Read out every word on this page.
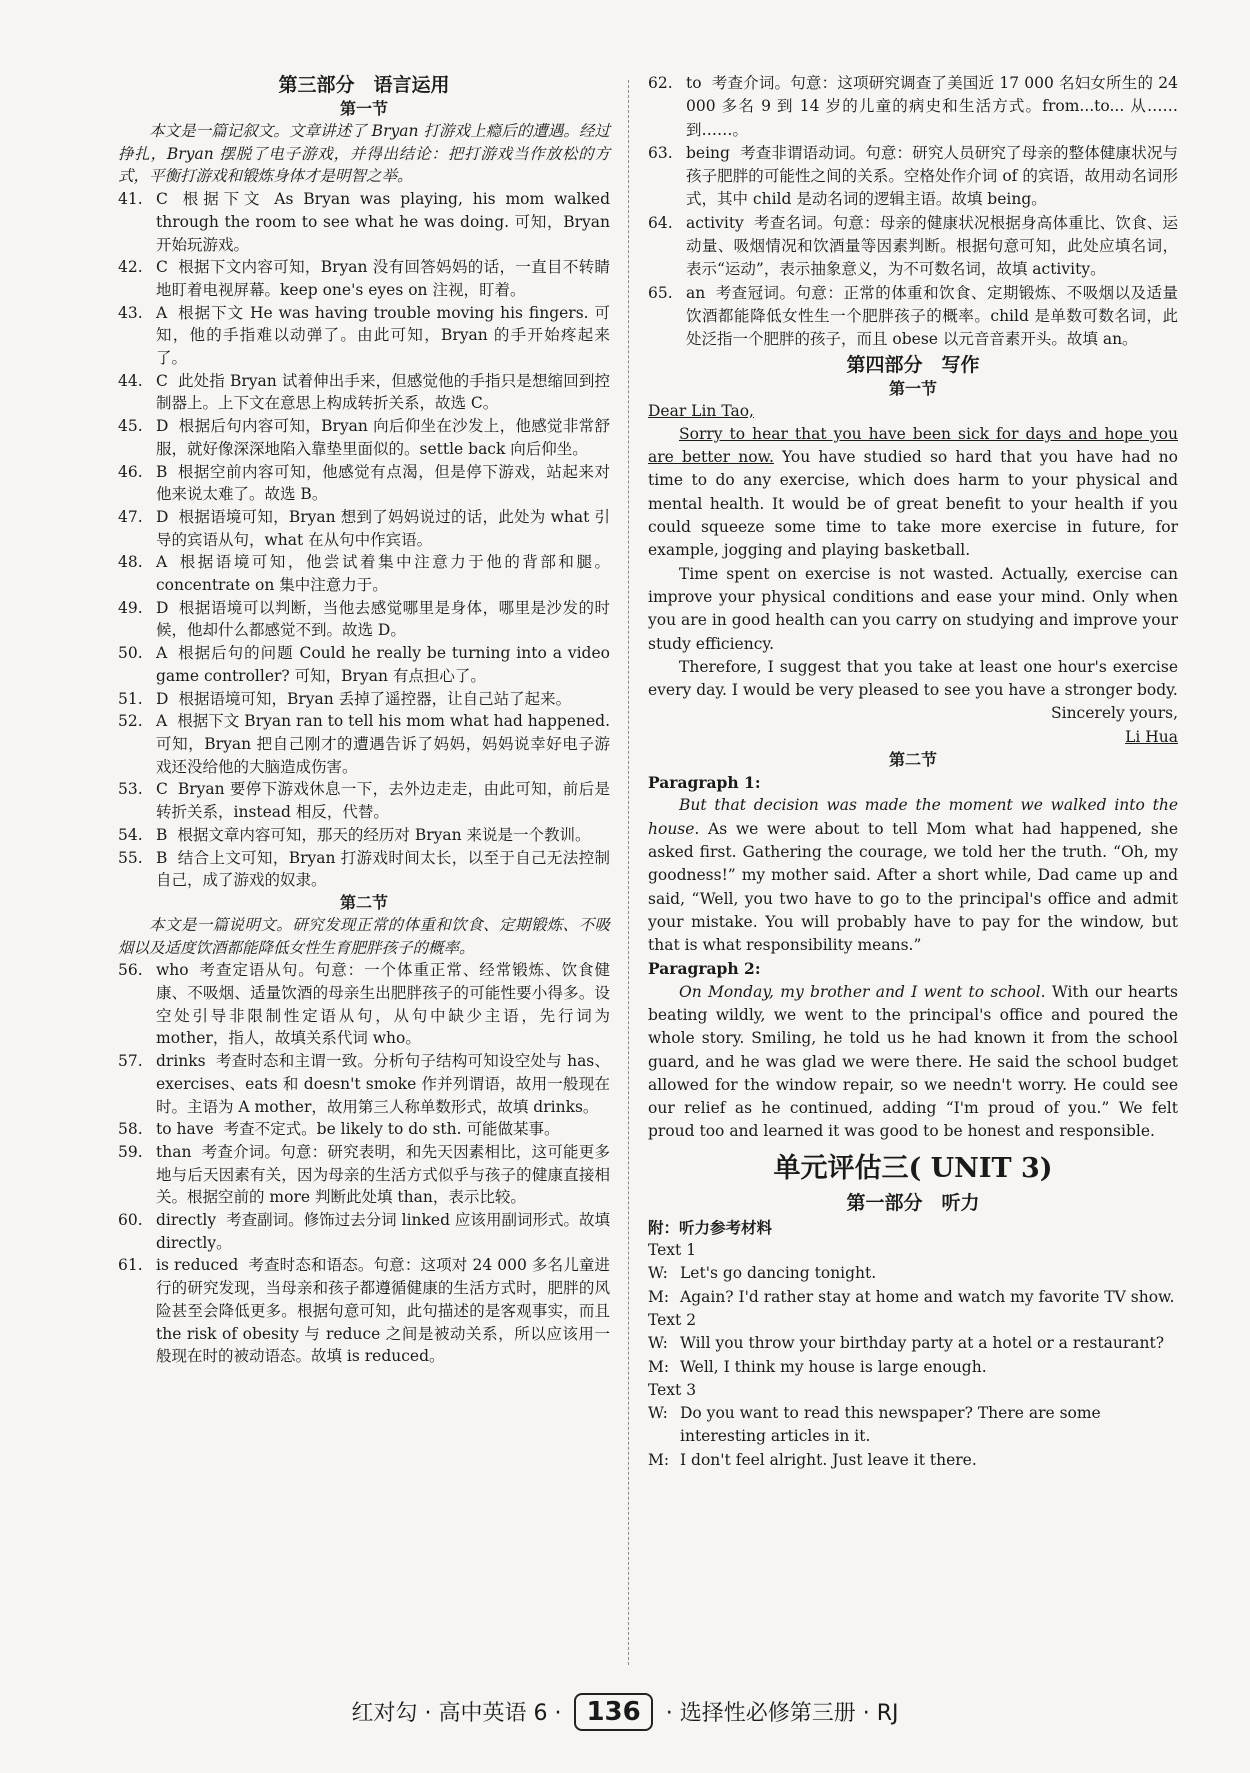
第三部分　语言运用
第一节
本文是一篇记叙文。文章讲述了 Bryan 打游戏上瘾后的遭遇。经过挣扎，Bryan 摆脱了电子游戏，并得出结论：把打游戏当作放松的方式，平衡打游戏和锻炼身体才是明智之举。
41. C 根据下文 As Bryan was playing, his mom walked through the room to see what he was doing. 可知，Bryan 开始玩游戏。
42. C 根据下文内容可知，Bryan 没有回答妈妈的话，一直目不转睛地盯着电视屏幕。keep one's eyes on 注视，盯着。
43. A 根据下文 He was having trouble moving his fingers. 可知，他的手指难以动弹了。由此可知，Bryan 的手开始疼起来了。
44. C 此处指 Bryan 试着伸出手来，但感觉他的手指只是想缩回到控制器上。上下文在意思上构成转折关系，故选 C。
45. D 根据后句内容可知，Bryan 向后仰坐在沙发上，他感觉非常舒服，就好像深深地陷入靠垫里面似的。settle back 向后仰坐。
46. B 根据空前内容可知，他感觉有点渴，但是停下游戏，站起来对他来说太难了。故选 B。
47. D 根据语境可知，Bryan 想到了妈妈说过的话，此处为 what 引导的宾语从句，what 在从句中作宾语。
48. A 根据语境可知，他尝试着集中注意力于他的背部和腿。concentrate on 集中注意力于。
49. D 根据语境可以判断，当他去感觉哪里是身体，哪里是沙发的时候，他却什么都感觉不到。故选 D。
50. A 根据后句的问题 Could he really be turning into a video game controller? 可知，Bryan 有点担心了。
51. D 根据语境可知，Bryan 丢掉了遥控器，让自己站了起来。
52. A 根据下文 Bryan ran to tell his mom what had happened. 可知，Bryan 把自己刚才的遭遇告诉了妈妈，妈妈说幸好电子游戏还没给他的大脑造成伤害。
53. C Bryan 要停下游戏休息一下，去外边走走，由此可知，前后是转折关系，instead 相反，代替。
54. B 根据文章内容可知，那天的经历对 Bryan 来说是一个教训。
55. B 结合上文可知，Bryan 打游戏时间太长，以至于自己无法控制自己，成了游戏的奴隶。
第二节
本文是一篇说明文。研究发现正常的体重和饮食、定期锻炼、不吸烟以及适度饮酒都能降低女性生育肥胖孩子的概率。
56. who 考查定语从句。句意：一个体重正常、经常锻炼、饮食健康、不吸烟、适量饮酒的母亲生出肥胖孩子的可能性要小得多。设空处引导非限制性定语从句，从句中缺少主语，先行词为 mother，指人，故填关系代词 who。
57. drinks 考查时态和主谓一致。分析句子结构可知设空处与 has、exercises、eats 和 doesn't smoke 作并列谓语，故用一般现在时。主语为 A mother，故用第三人称单数形式，故填 drinks。
58. to have 考查不定式。be likely to do sth. 可能做某事。
59. than 考查介词。句意：研究表明，和先天因素相比，这可能更多地与后天因素有关，因为母亲的生活方式似乎与孩子的健康直接相关。根据空前的 more 判断此处填 than，表示比较。
60. directly 考查副词。修饰过去分词 linked 应该用副词形式。故填 directly。
61. is reduced 考查时态和语态。句意：这项对 24 000 多名儿童进行的研究发现，当母亲和孩子都遵循健康的生活方式时，肥胖的风险甚至会降低更多。根据句意可知，此句描述的是客观事实，而且 the risk of obesity 与 reduce 之间是被动关系，所以应该用一般现在时的被动语态。故填 is reduced。
62. to 考查介词。句意：这项研究调查了美国近 17 000 名妇女所生的 24 000 多名 9 到 14 岁的儿童的病史和生活方式。from...to... 从……到……。
63. being 考查非谓语动词。句意：研究人员研究了母亲的整体健康状况与孩子肥胖的可能性之间的关系。空格处作介词 of 的宾语，故用动名词形式，其中 child 是动名词的逻辑主语。故填 being。
64. activity 考查名词。句意：母亲的健康状况根据身高体重比、饮食、运动量、吸烟情况和饮酒量等因素判断。根据句意可知，此处应填名词，表示“运动”，表示抽象意义，为不可数名词，故填 activity。
65. an 考查冠词。句意：正常的体重和饮食、定期锻炼、不吸烟以及适量饮酒都能降低女性生一个肥胖孩子的概率。child 是单数可数名词，此处泛指一个肥胖的孩子，而且 obese 以元音音素开头。故填 an。
第四部分　写作
第一节
Dear Lin Tao,
Sorry to hear that you have been sick for days and hope you are better now. You have studied so hard that you have had no time to do any exercise, which does harm to your physical and mental health. It would be of great benefit to your health if you could squeeze some time to take more exercise in future, for example, jogging and playing basketball.
Time spent on exercise is not wasted. Actually, exercise can improve your physical conditions and ease your mind. Only when you are in good health can you carry on studying and improve your study efficiency.
Therefore, I suggest that you take at least one hour's exercise every day. I would be very pleased to see you have a stronger body.
Sincerely yours,
Li Hua
第二节
Paragraph 1:
But that decision was made the moment we walked into the house. As we were about to tell Mom what had happened, she asked first. Gathering the courage, we told her the truth. “Oh, my goodness!” my mother said. After a short while, Dad came up and said, “Well, you two have to go to the principal's office and admit your mistake. You will probably have to pay for the window, but that is what responsibility means.”
Paragraph 2:
On Monday, my brother and I went to school. With our hearts beating wildly, we went to the principal's office and poured the whole story. Smiling, he told us he had known it from the school guard, and he was glad we were there. He said the school budget allowed for the window repair, so we needn't worry. He could see our relief as he continued, adding “I'm proud of you.” We felt proud too and learned it was good to be honest and responsible.
单元评估三( UNIT 3)
第一部分　听力
附：听力参考材料
Text 1
W: Let's go dancing tonight.
M: Again? I'd rather stay at home and watch my favorite TV show.
Text 2
W: Will you throw your birthday party at a hotel or a restaurant?
M: Well, I think my house is large enough.
Text 3
W: Do you want to read this newspaper? There are some interesting articles in it.
M: I don't feel alright. Just leave it there.
红对勾 · 高中英语 6 · 136 · 选择性必修第三册 · RJ
